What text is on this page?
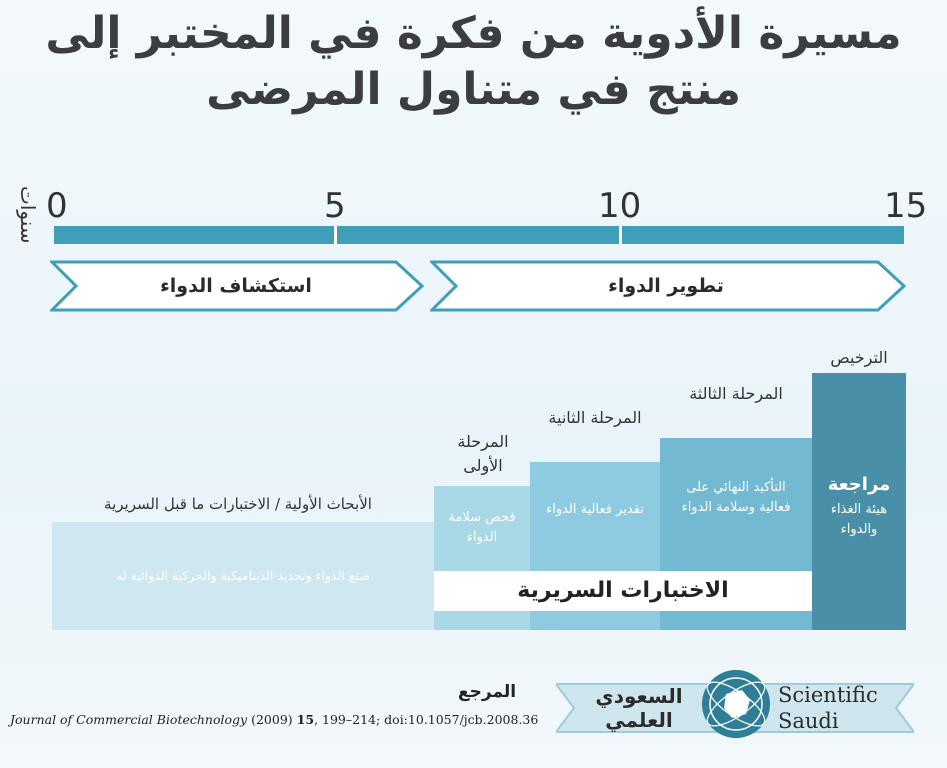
مسيرة الأدوية من فكرة في المختبر إلى منتج في متناول المرضى
سنوات 0	5	10	15
استكشاف الدواء	تطوير الدواء
الأبحاث الأولية / الاختبارات ما قبل السريرية
صنع الدواء وتحديد الديناميكية والحركية الدوائية له
المرحلة الأولى
فحص سلامة الدواء
المرحلة الثانية
تقدير فعالية الدواء
المرحلة الثالثة
التأكيد النهائي على فعالية وسلامة الدواء
الترخيص
مراجعة
هيئة الغذاء والدواء
الاختبارات السريرية
المرجع
Journal of Commercial Biotechnology (2009) 15, 199–214; doi:10.1057/jcb.2008.36
السعودي
العلمي
Scientific
Saudi
